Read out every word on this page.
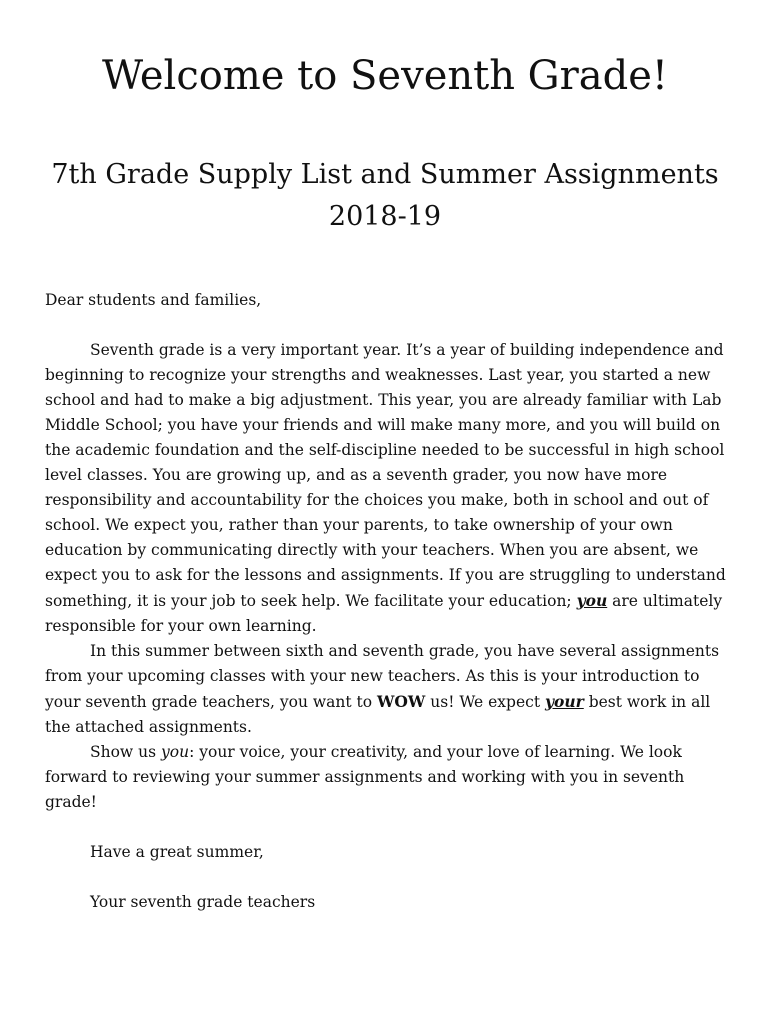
Welcome to Seventh Grade!
7th Grade Supply List and Summer Assignments
2018-19

Dear students and families,

Seventh grade is a very important year. It’s a year of building independence and beginning to recognize your strengths and weaknesses. Last year, you started a new school and had to make a big adjustment. This year, you are already familiar with Lab Middle School; you have your friends and will make many more, and you will build on the academic foundation and the self-discipline needed to be successful in high school level classes. You are growing up, and as a seventh grader, you now have more responsibility and accountability for the choices you make, both in school and out of school. We expect you, rather than your parents, to take ownership of your own education by communicating directly with your teachers. When you are absent, we expect you to ask for the lessons and assignments. If you are struggling to understand something, it is your job to seek help. We facilitate your education; you are ultimately responsible for your own learning.

In this summer between sixth and seventh grade, you have several assignments from your upcoming classes with your new teachers. As this is your introduction to your seventh grade teachers, you want to WOW us! We expect your best work in all the attached assignments.

Show us you: your voice, your creativity, and your love of learning. We look forward to reviewing your summer assignments and working with you in seventh grade!

Have a great summer,

Your seventh grade teachers
